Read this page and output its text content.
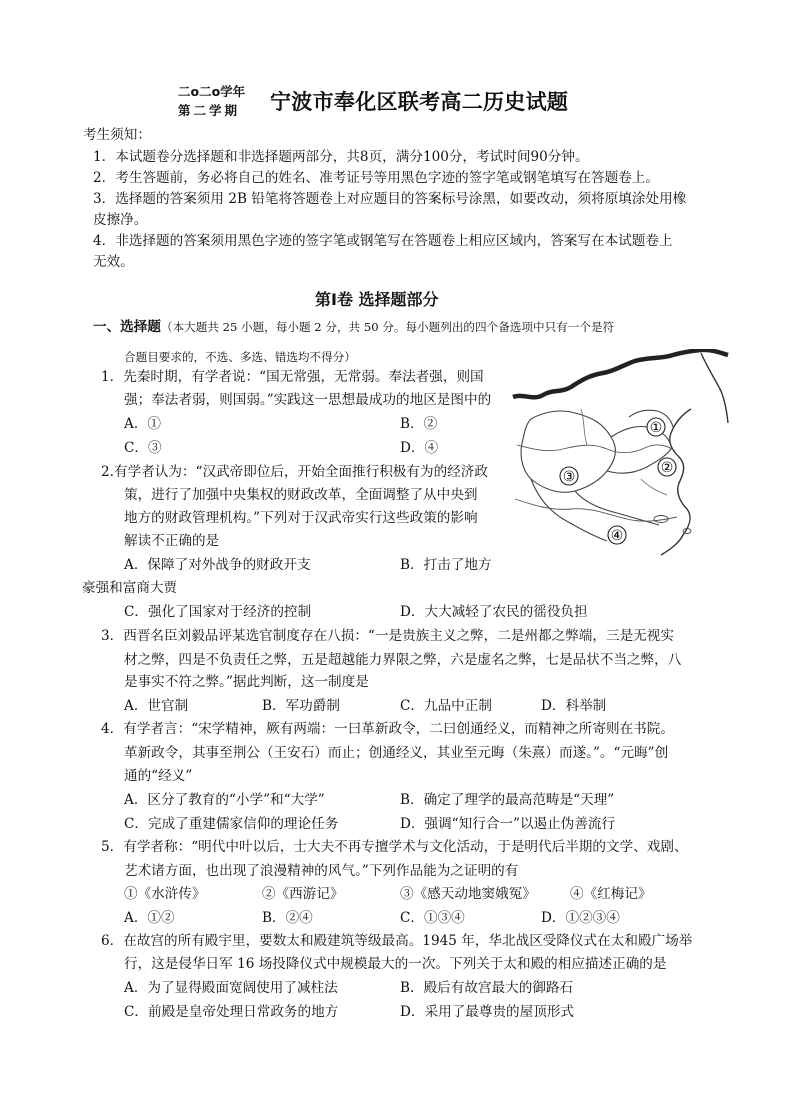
二o二o学年
第二学期 宁波市奉化区联考高二历史试题
考生须知：
1．本试题卷分选择题和非选择题两部分，共8页，满分100分，考试时间90分钟。
2．考生答题前，务必将自己的姓名、准考证号等用黑色字迹的签字笔或钢笔填写在答题卷上。
3．选择题的答案须用 2B 铅笔将答题卷上对应题目的答案标号涂黑，如要改动，须将原填涂处用橡
皮擦净。
4．非选择题的答案须用黑色字迹的签字笔或钢笔写在答题卷上相应区域内，答案写在本试题卷上
无效。
第Ⅰ卷 选择题部分
一、选择题（本大题共 25 小题，每小题 2 分，共 50 分。每小题列出的四个备选项中只有一个是符
合题目要求的，不选、多选、错选均不得分）
1．先秦时期，有学者说：“国无常强，无常弱。奉法者强，则国
强；奉法者弱，则国弱。”实践这一思想最成功的地区是图中的
A．①	B．②
C．③	D．④
①
②
③
④
2.有学者认为：“汉武帝即位后，开始全面推行积极有为的经济政
策，进行了加强中央集权的财政改革，全面调整了从中央到
地方的财政管理机构。”下列对于汉武帝实行这些政策的影响
解读不正确的是
A．保障了对外战争的财政开支	B．打击了地方
豪强和富商大贾
C．强化了国家对于经济的控制	D．大大减轻了农民的徭役负担
3．西晋名臣刘毅品评某选官制度存在八损：“一是贵族主义之弊，二是州都之弊端，三是无视实
材之弊，四是不负责任之弊，五是超越能力界限之弊，六是虚名之弊，七是品状不当之弊，八
是事实不符之弊。”据此判断，这一制度是
A．世官制	B．军功爵制	C．九品中正制	D．科举制
4．有学者言：“宋学精神，厥有两端：一曰革新政令，二曰创通经义，而精神之所寄则在书院。
革新政令，其事至荆公（王安石）而止；创通经义，其业至元晦（朱熹）而遂。”。“元晦”创
通的“经义”
A．区分了教育的“小学”和“大学”	B．确定了理学的最高范畴是“天理”
C．完成了重建儒家信仰的理论任务	D．强调“知行合一”以遏止伪善流行
5．有学者称：“明代中叶以后，士大夫不再专擅学术与文化活动，于是明代后半期的文学、戏剧、
艺术诸方面，也出现了浪漫精神的风气。”下列作品能为之证明的有
①《水浒传》	②《西游记》	③《感天动地窦娥冤》	④《红梅记》
A．①②	B．②④	C．①③④	D．①②③④
6．在故宫的所有殿宇里，要数太和殿建筑等级最高。1945 年，华北战区受降仪式在太和殿广场举
行，这是侵华日军 16 场投降仪式中规模最大的一次。下列关于太和殿的相应描述正确的是
A．为了显得殿面宽阔使用了减柱法	B．殿后有故宫最大的御路石
C．前殿是皇帝处理日常政务的地方	D．采用了最尊贵的屋顶形式
